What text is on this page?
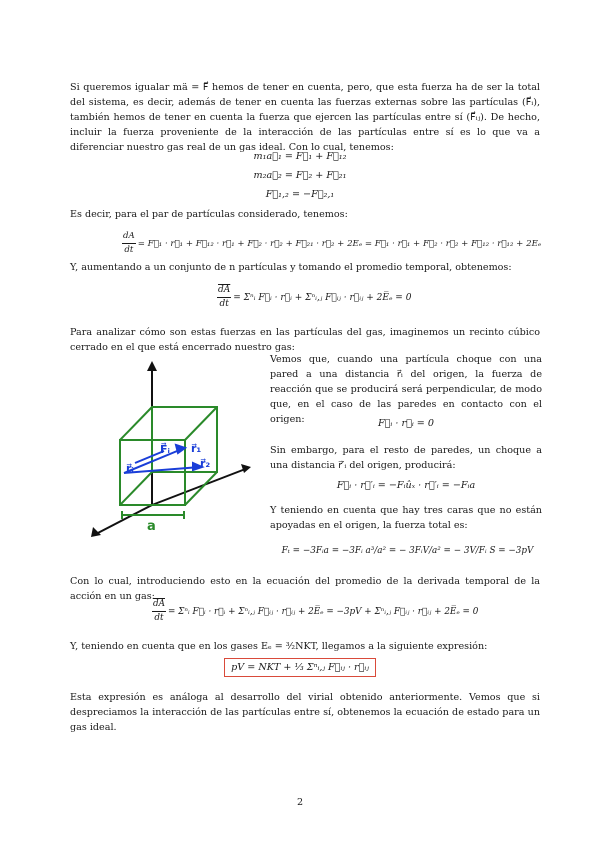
Si queremos igualar mä = F⃗ hemos de tener en cuenta, pero, que esta fuerza ha de ser la total del sistema, es decir, además de tener en cuenta las fuerzas externas sobre las partículas (F⃗ᵢ), también hemos de tener en cuenta la fuerza que ejercen las partículas entre sí (F⃗ᵢⱼ). De hecho, incluir la fuerza proveniente de la interacción de las partículas entre sí es lo que va a diferenciar nuestro gas real de un gas ideal. Con lo cual, tenemos:
m₁a⃗₁ = F⃗₁ + F⃗₁₂
m₂a⃗₂ = F⃗₂ + F⃗₂₁
F⃗₁,₂ = −F⃗₂,₁
Es decir, para el par de partículas considerado, tenemos:
$\frac{dA}{dt}$ = F⃗₁ · r⃗₁ + F⃗₁₂ · r⃗₁ + F⃗₂ · r⃗₂ + F⃗₂₁ · r⃗₂ + 2Eₑ = F⃗₁ · r⃗₁ + F⃗₂ · r⃗₂ + F⃗₁₂ · r⃗₁₂ + 2Eₑ
Y, aumentando a un conjunto de n partículas y tomando el promedio temporal, obtenemos:
$\frac{\overline{dA}}{dt}$ = Σⁿᵢ F⃗ᵢ · r⃗ᵢ + Σⁿᵢ,ⱼ F⃗ᵢⱼ · r⃗ᵢⱼ + 2E̅ₑ = 0
Para analizar cómo son estas fuerzas en las partículas del gas, imaginemos un recinto cúbico cerrado en el que está encerrado nuestro gas:
F⃗ᵢ r⃗₁
r⃗ᵢ	r⃗₂
a
Vemos que, cuando una partícula choque con una pared a una distancia r⃗ᵢ del origen, la fuerza de reacción que se producirá será perpendicular, de modo que, en el caso de las paredes en contacto con el origen:	F⃗ᵢ · r⃗ᵢ = 0
Sin embargo, para el resto de paredes, un choque a una distancia r⃗′ᵢ del origen, producirá:
F⃗ᵢ · r⃗′ᵢ = −Fᵢûₓ · r⃗′ᵢ = −Fᵢa
Y teniendo en cuenta que hay tres caras que no están apoyadas en el origen, la fuerza total es:
Fₜ = −3Fᵢa = −3Fᵢ a³/a² = − 3FᵢV/a² = − 3V/Fᵢ S = −3pV
Con lo cual, introduciendo esto en la ecuación del promedio de la derivada temporal de la acción en un gas:
$\frac{\overline{dA}}{dt}$ = Σⁿᵢ F⃗ᵢ · r⃗ᵢ + Σⁿᵢ,ⱼ F⃗ᵢⱼ · r⃗ᵢⱼ + 2E̅ₑ = −3pV + Σⁿᵢ,ⱼ F⃗ᵢⱼ · r⃗ᵢⱼ + 2E̅ₑ = 0
Y, teniendo en cuenta que en los gases Eₑ = ³⁄₂NKT, llegamos a la siguiente expresión:
pV = NKT + ¹⁄₃ Σⁿᵢ,ⱼ F⃗ᵢⱼ · r⃗ᵢⱼ
Esta expresión es análoga al desarrollo del virial obtenido anteriormente. Vemos que si despreciamos la interacción de las partículas entre sí, obtenemos la ecuación de estado para un gas ideal.
2
